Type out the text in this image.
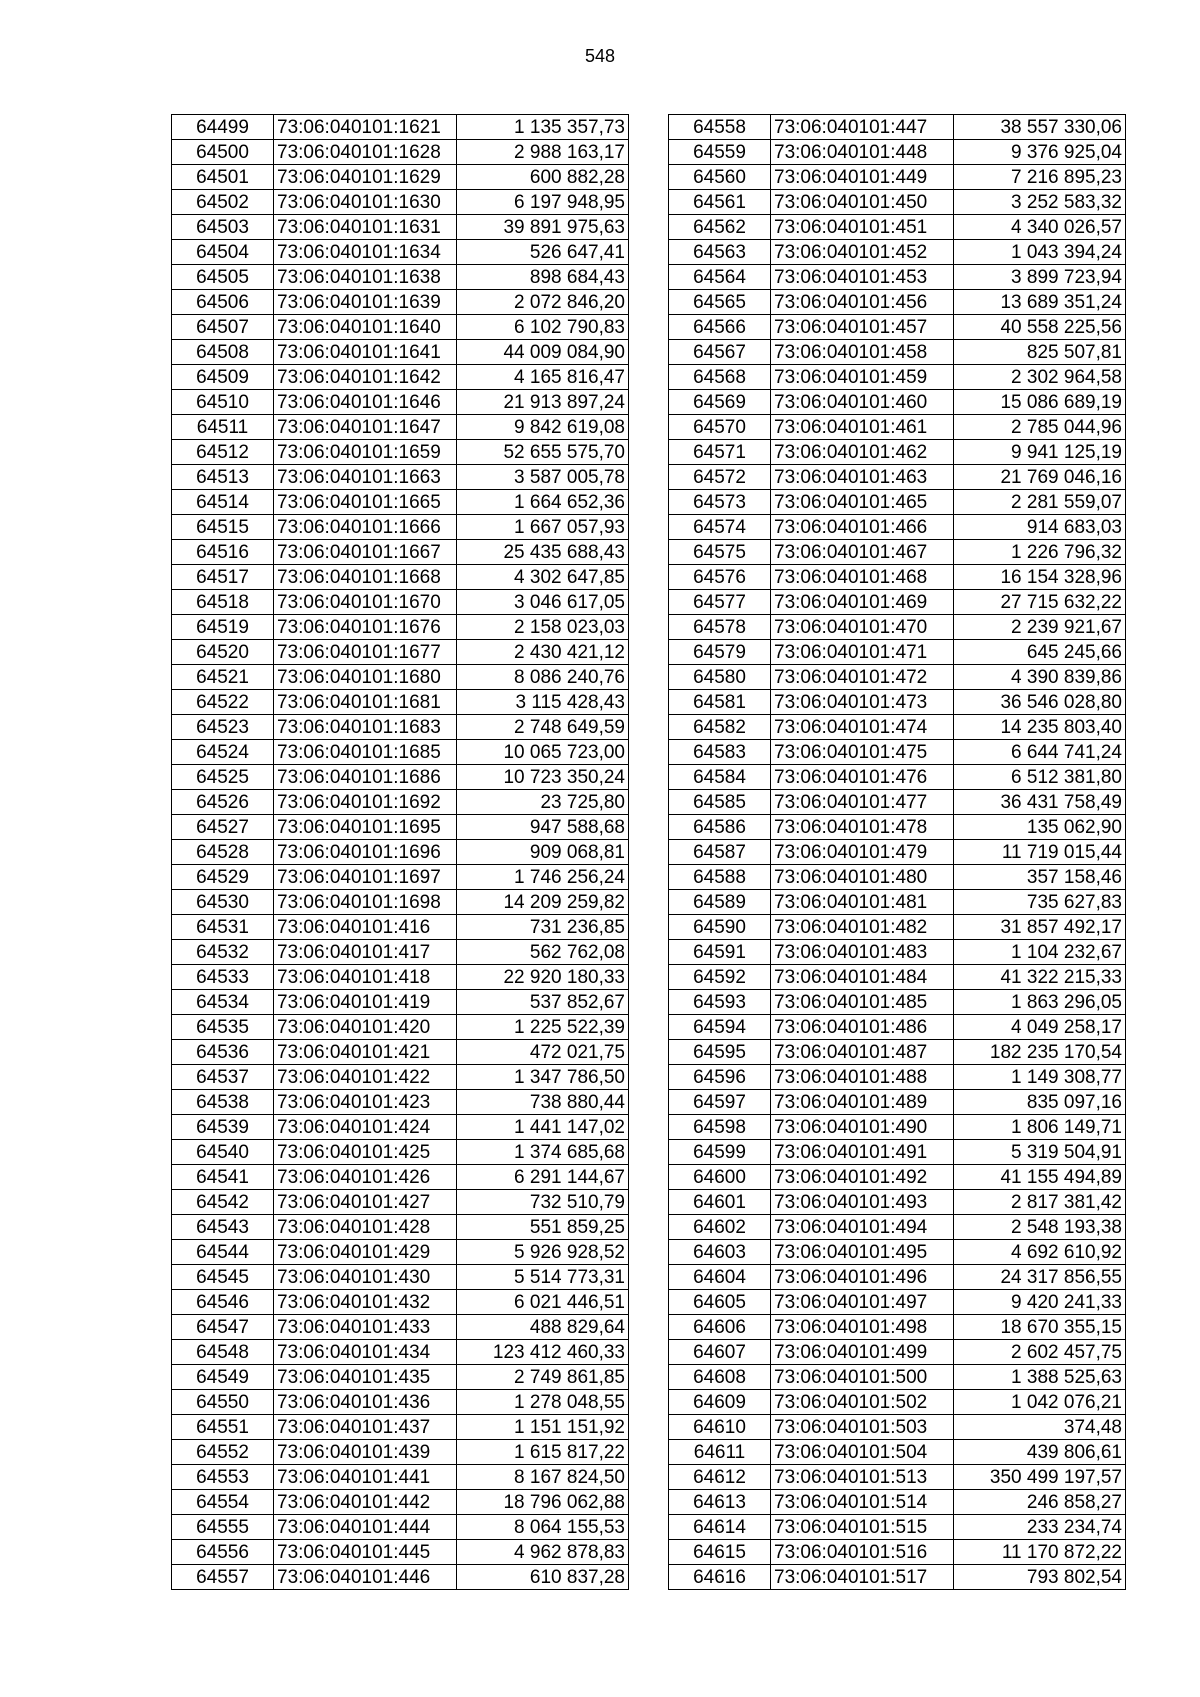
548
64499	73:06:040101:1621	1 135 357,73
64500	73:06:040101:1628	2 988 163,17
64501	73:06:040101:1629	600 882,28
64502	73:06:040101:1630	6 197 948,95
64503	73:06:040101:1631	39 891 975,63
64504	73:06:040101:1634	526 647,41
64505	73:06:040101:1638	898 684,43
64506	73:06:040101:1639	2 072 846,20
64507	73:06:040101:1640	6 102 790,83
64508	73:06:040101:1641	44 009 084,90
64509	73:06:040101:1642	4 165 816,47
64510	73:06:040101:1646	21 913 897,24
64511	73:06:040101:1647	9 842 619,08
64512	73:06:040101:1659	52 655 575,70
64513	73:06:040101:1663	3 587 005,78
64514	73:06:040101:1665	1 664 652,36
64515	73:06:040101:1666	1 667 057,93
64516	73:06:040101:1667	25 435 688,43
64517	73:06:040101:1668	4 302 647,85
64518	73:06:040101:1670	3 046 617,05
64519	73:06:040101:1676	2 158 023,03
64520	73:06:040101:1677	2 430 421,12
64521	73:06:040101:1680	8 086 240,76
64522	73:06:040101:1681	3 115 428,43
64523	73:06:040101:1683	2 748 649,59
64524	73:06:040101:1685	10 065 723,00
64525	73:06:040101:1686	10 723 350,24
64526	73:06:040101:1692	23 725,80
64527	73:06:040101:1695	947 588,68
64528	73:06:040101:1696	909 068,81
64529	73:06:040101:1697	1 746 256,24
64530	73:06:040101:1698	14 209 259,82
64531	73:06:040101:416	731 236,85
64532	73:06:040101:417	562 762,08
64533	73:06:040101:418	22 920 180,33
64534	73:06:040101:419	537 852,67
64535	73:06:040101:420	1 225 522,39
64536	73:06:040101:421	472 021,75
64537	73:06:040101:422	1 347 786,50
64538	73:06:040101:423	738 880,44
64539	73:06:040101:424	1 441 147,02
64540	73:06:040101:425	1 374 685,68
64541	73:06:040101:426	6 291 144,67
64542	73:06:040101:427	732 510,79
64543	73:06:040101:428	551 859,25
64544	73:06:040101:429	5 926 928,52
64545	73:06:040101:430	5 514 773,31
64546	73:06:040101:432	6 021 446,51
64547	73:06:040101:433	488 829,64
64548	73:06:040101:434	123 412 460,33
64549	73:06:040101:435	2 749 861,85
64550	73:06:040101:436	1 278 048,55
64551	73:06:040101:437	1 151 151,92
64552	73:06:040101:439	1 615 817,22
64553	73:06:040101:441	8 167 824,50
64554	73:06:040101:442	18 796 062,88
64555	73:06:040101:444	8 064 155,53
64556	73:06:040101:445	4 962 878,83
64557	73:06:040101:446	610 837,28
64558	73:06:040101:447	38 557 330,06
64559	73:06:040101:448	9 376 925,04
64560	73:06:040101:449	7 216 895,23
64561	73:06:040101:450	3 252 583,32
64562	73:06:040101:451	4 340 026,57
64563	73:06:040101:452	1 043 394,24
64564	73:06:040101:453	3 899 723,94
64565	73:06:040101:456	13 689 351,24
64566	73:06:040101:457	40 558 225,56
64567	73:06:040101:458	825 507,81
64568	73:06:040101:459	2 302 964,58
64569	73:06:040101:460	15 086 689,19
64570	73:06:040101:461	2 785 044,96
64571	73:06:040101:462	9 941 125,19
64572	73:06:040101:463	21 769 046,16
64573	73:06:040101:465	2 281 559,07
64574	73:06:040101:466	914 683,03
64575	73:06:040101:467	1 226 796,32
64576	73:06:040101:468	16 154 328,96
64577	73:06:040101:469	27 715 632,22
64578	73:06:040101:470	2 239 921,67
64579	73:06:040101:471	645 245,66
64580	73:06:040101:472	4 390 839,86
64581	73:06:040101:473	36 546 028,80
64582	73:06:040101:474	14 235 803,40
64583	73:06:040101:475	6 644 741,24
64584	73:06:040101:476	6 512 381,80
64585	73:06:040101:477	36 431 758,49
64586	73:06:040101:478	135 062,90
64587	73:06:040101:479	11 719 015,44
64588	73:06:040101:480	357 158,46
64589	73:06:040101:481	735 627,83
64590	73:06:040101:482	31 857 492,17
64591	73:06:040101:483	1 104 232,67
64592	73:06:040101:484	41 322 215,33
64593	73:06:040101:485	1 863 296,05
64594	73:06:040101:486	4 049 258,17
64595	73:06:040101:487	182 235 170,54
64596	73:06:040101:488	1 149 308,77
64597	73:06:040101:489	835 097,16
64598	73:06:040101:490	1 806 149,71
64599	73:06:040101:491	5 319 504,91
64600	73:06:040101:492	41 155 494,89
64601	73:06:040101:493	2 817 381,42
64602	73:06:040101:494	2 548 193,38
64603	73:06:040101:495	4 692 610,92
64604	73:06:040101:496	24 317 856,55
64605	73:06:040101:497	9 420 241,33
64606	73:06:040101:498	18 670 355,15
64607	73:06:040101:499	2 602 457,75
64608	73:06:040101:500	1 388 525,63
64609	73:06:040101:502	1 042 076,21
64610	73:06:040101:503	374,48
64611	73:06:040101:504	439 806,61
64612	73:06:040101:513	350 499 197,57
64613	73:06:040101:514	246 858,27
64614	73:06:040101:515	233 234,74
64615	73:06:040101:516	11 170 872,22
64616	73:06:040101:517	793 802,54
